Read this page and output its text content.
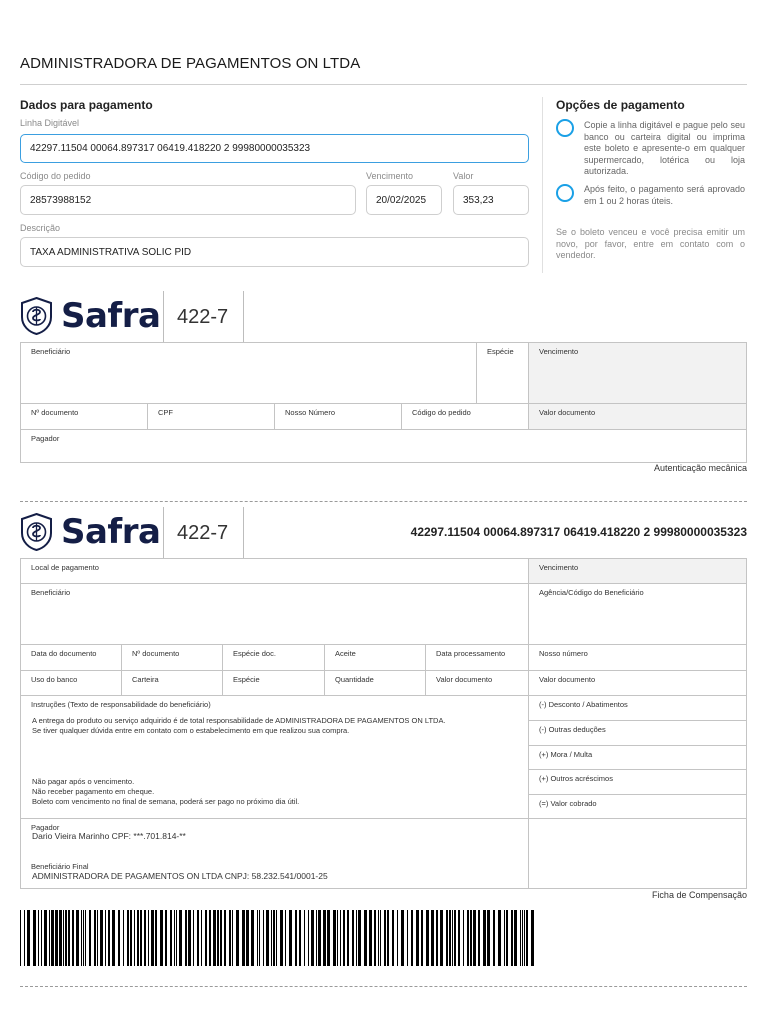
ADMINISTRADORA DE PAGAMENTOS ON LTDA
Dados para pagamento
Linha Digitável
42297.11504 00064.897317 06419.418220 2 99980000035323
Código do pedido	Vencimento	Valor
28573988152	20/02/2025	353,23
Descrição
TAXA ADMINISTRATIVA SOLIC PID
Opções de pagamento
Copie a linha digitável e pague pelo seu banco ou carteira digital ou imprima este boleto e apresente-o em qualquer supermercado, lotérica ou loja autorizada.
Após feito, o pagamento será aprovado em 1 ou 2 horas úteis.
Se o boleto venceu e você precisa emitir um novo, por favor, entre em contato com o vendedor.
Safra 422-7
Beneficiário	Espécie	Vencimento
Nº documento	CPF	Nosso Número	Código do pedido	Valor documento
Pagador
Autenticação mecânica
Safra 422-7	42297.11504 00064.897317 06419.418220 2 99980000035323
Local de pagamento	Vencimento
Beneficiário	Agência/Código do Beneficiário
Data do documento	Nº documento	Espécie doc.	Aceite	Data processamento	Nosso número
Uso do banco	Carteira	Espécie	Quantidade	Valor documento	Valor documento
Instruções (Texto de responsabilidade do beneficiário)
A entrega do produto ou serviço adquirido é de total responsabilidade de ADMINISTRADORA DE PAGAMENTOS ON LTDA.
Se tiver qualquer dúvida entre em contato com o estabelecimento em que realizou sua compra.
Não pagar após o vencimento.
Não receber pagamento em cheque.
Boleto com vencimento no final de semana, poderá ser pago no próximo dia útil.
(-) Desconto / Abatimentos
(-) Outras deduções
(+) Mora / Multa
(+) Outros acréscimos
(=) Valor cobrado
Pagador
Dario Vieira Marinho CPF: ***.701.814-**
Beneficiário Final
ADMINISTRADORA DE PAGAMENTOS ON LTDA CNPJ: 58.232.541/0001-25
Ficha de Compensação
